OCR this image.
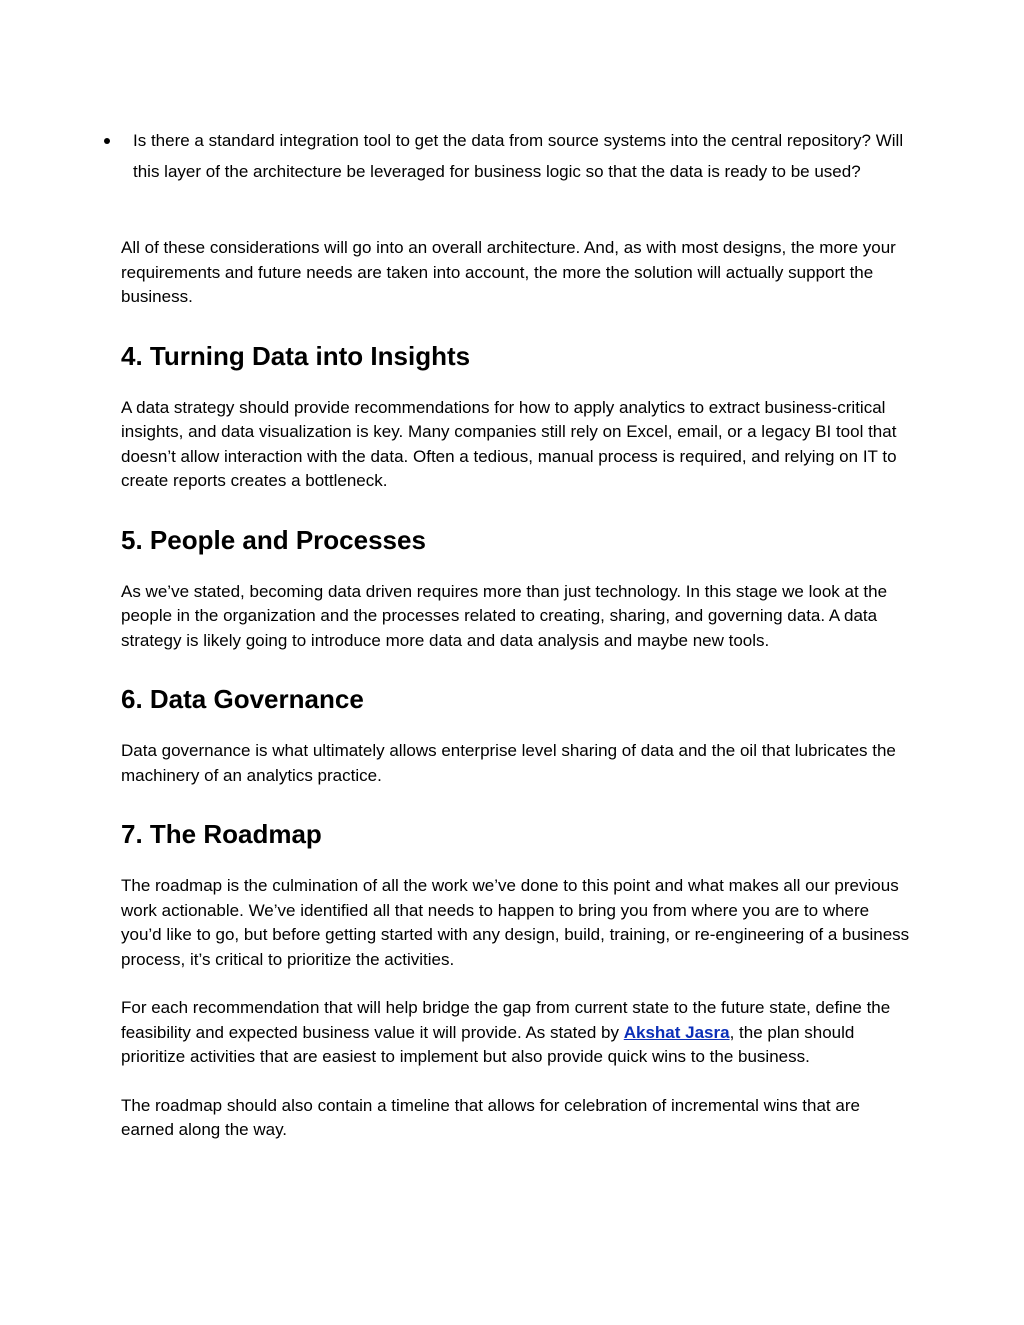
Is there a standard integration tool to get the data from source systems into the central repository? Will this layer of the architecture be leveraged for business logic so that the data is ready to be used?

All of these considerations will go into an overall architecture. And, as with most designs, the more your requirements and future needs are taken into account, the more the solution will actually support the business.

4. Turning Data into Insights

A data strategy should provide recommendations for how to apply analytics to extract business-critical insights, and data visualization is key. Many companies still rely on Excel, email, or a legacy BI tool that doesn’t allow interaction with the data. Often a tedious, manual process is required, and relying on IT to create reports creates a bottleneck.

5. People and Processes

As we’ve stated, becoming data driven requires more than just technology. In this stage we look at the people in the organization and the processes related to creating, sharing, and governing data. A data strategy is likely going to introduce more data and data analysis and maybe new tools.

6. Data Governance

Data governance is what ultimately allows enterprise level sharing of data and the oil that lubricates the machinery of an analytics practice.

7. The Roadmap

The roadmap is the culmination of all the work we’ve done to this point and what makes all our previous work actionable. We’ve identified all that needs to happen to bring you from where you are to where you’d like to go, but before getting started with any design, build, training, or re-engineering of a business process, it’s critical to prioritize the activities.

For each recommendation that will help bridge the gap from current state to the future state, define the feasibility and expected business value it will provide. As stated by Akshat Jasra, the plan should prioritize activities that are easiest to implement but also provide quick wins to the business.

The roadmap should also contain a timeline that allows for celebration of incremental wins that are earned along the way.
